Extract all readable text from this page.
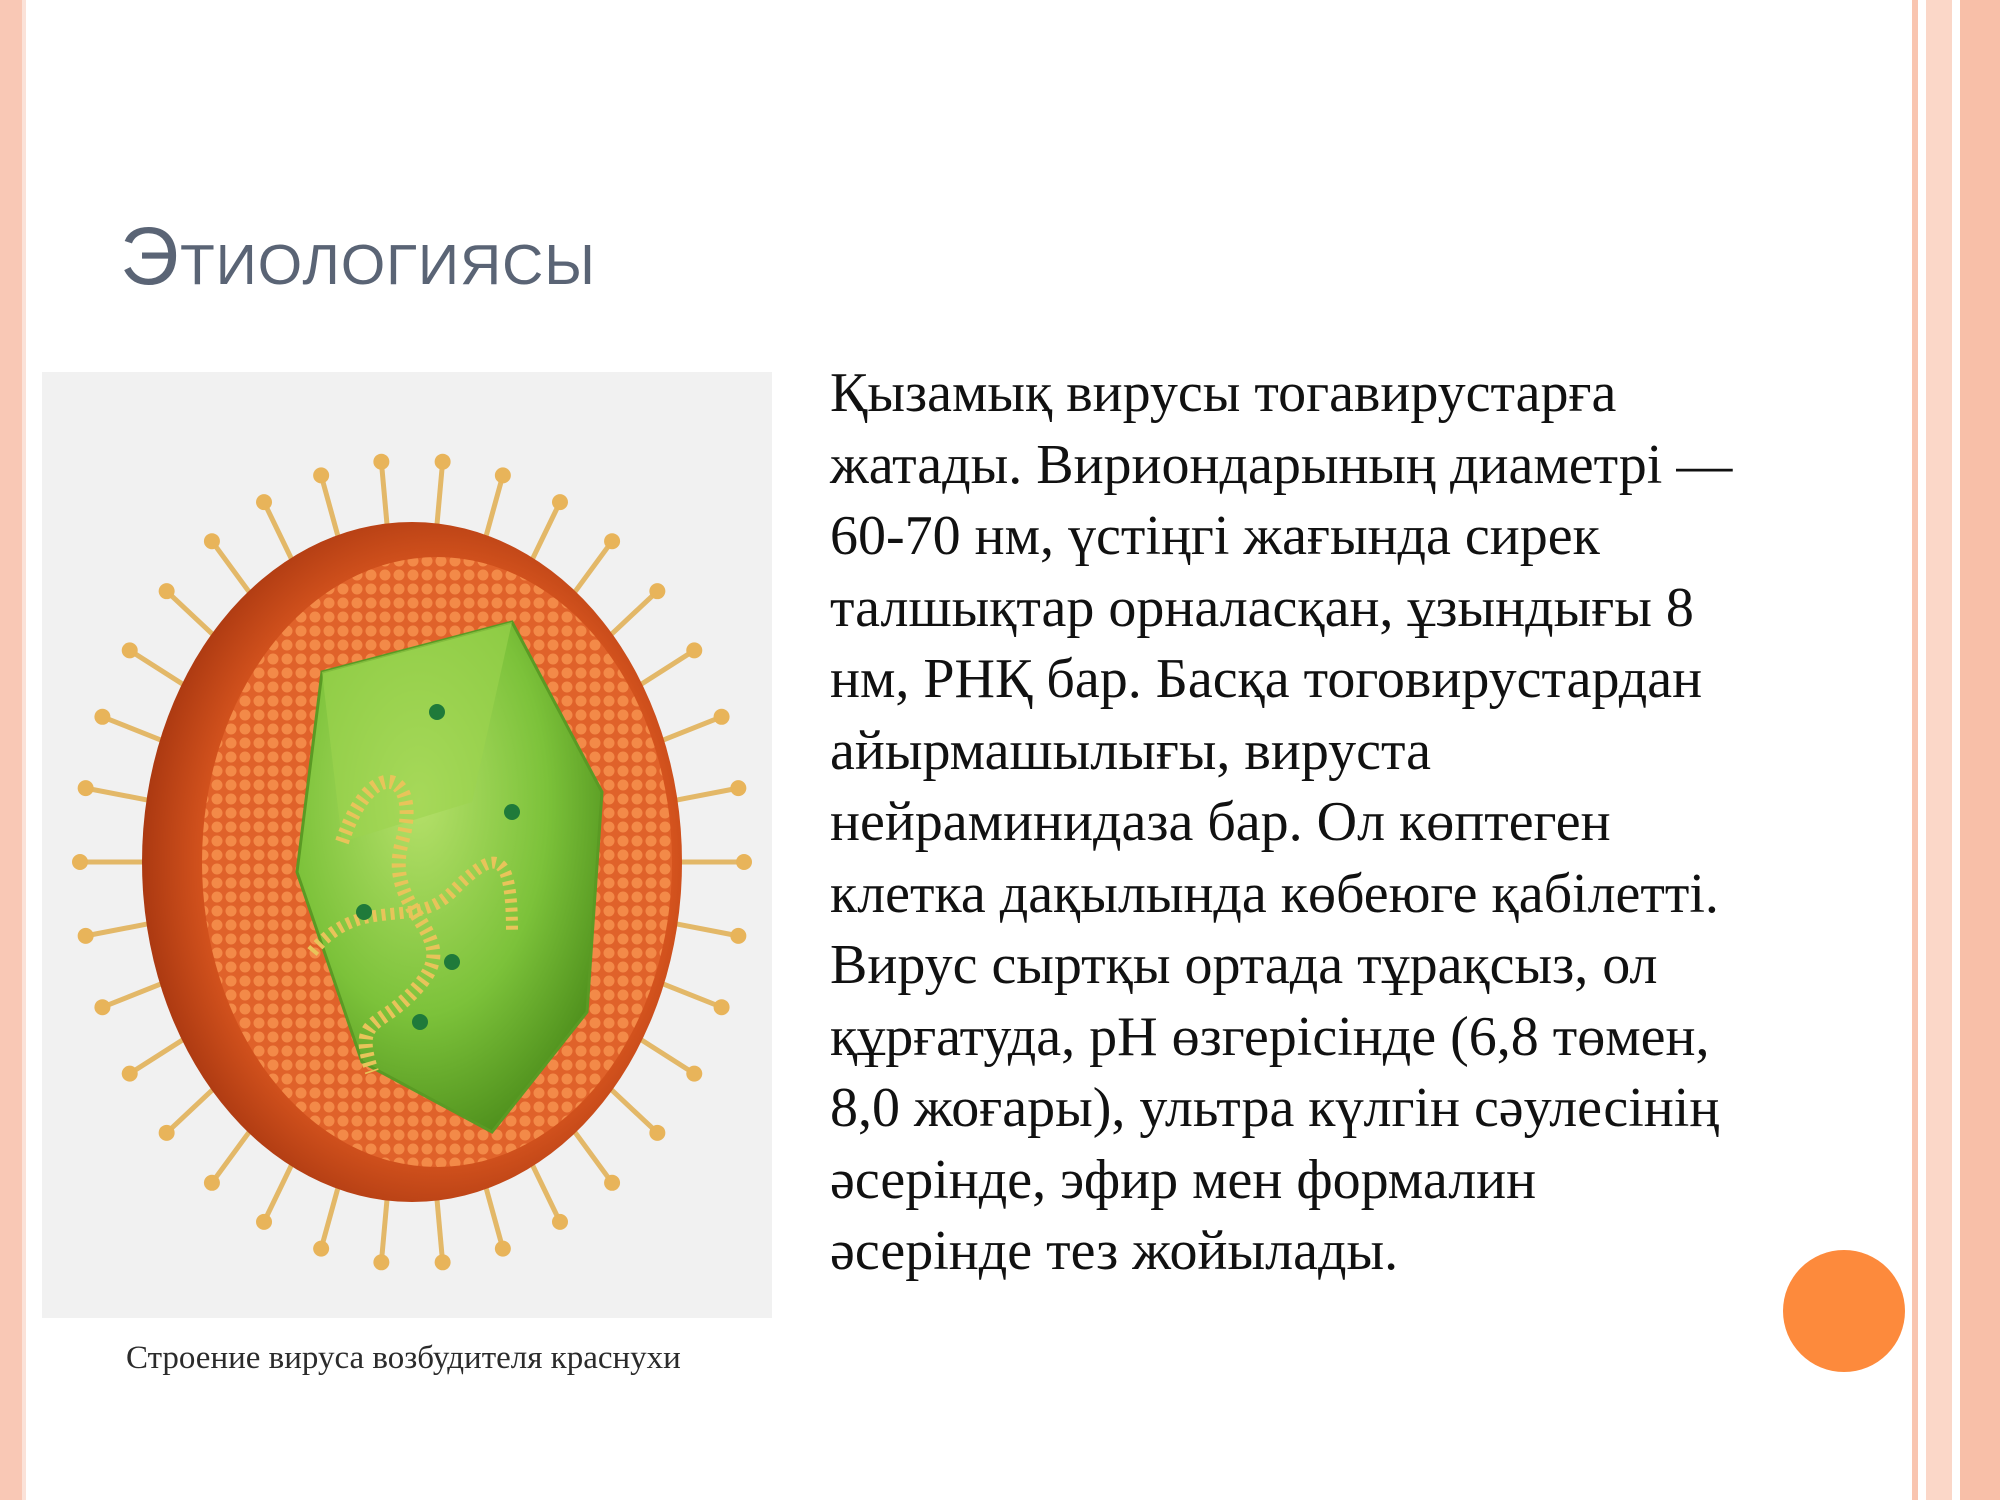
Этиологиясы
Строение вируса возбудителя краснухи
Қызамық вирусы тогавирустарға
жатады. Вириондарының диаметрі —
60-70 нм, үстіңгі жағында сирек
талшықтар орналасқан, ұзындығы 8
нм, РНҚ бар. Басқа тоговирустардан
айырмашылығы, вируста
нейраминидаза бар. Ол көптеген
клетка дақылында көбеюге қабілетті.
Вирус сыртқы ортада тұрақсыз, ол
құрғатуда, pH өзгерісінде (6,8 төмен,
8,0 жоғары), ультра күлгін сәулесінің
әсерінде, эфир мен формалин
әсерінде тез жойылады.
